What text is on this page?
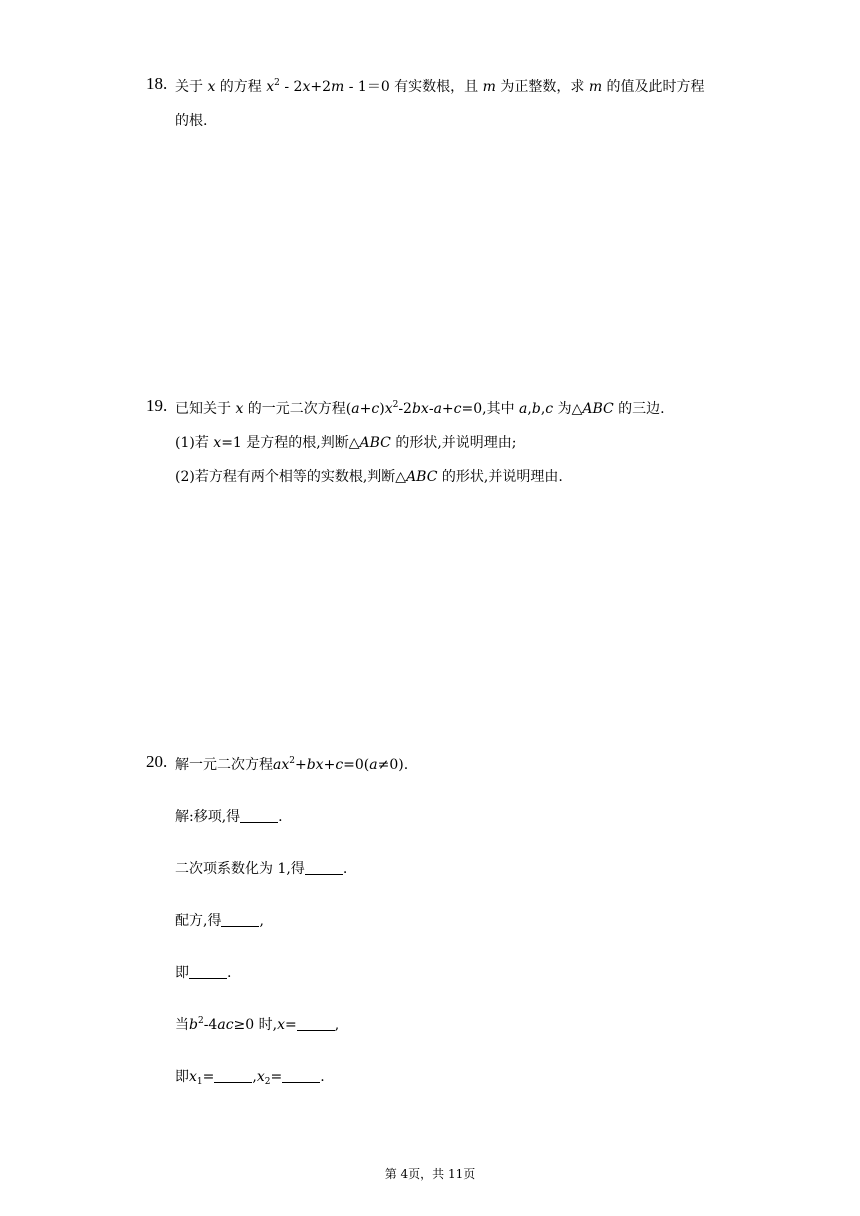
18. 关于 x 的方程 $x^2$ ‑ 2x+2m ‑ 1＝0 有实数根，且 m 为正整数，求 m 的值及此时方程
的根.
19. 已知关于 x 的一元二次方程$(a+c)x^2-2bx-a+c=0$,其中 a,b,c 为△ABC 的三边.
(1)若 x=1 是方程的根,判断△ABC 的形状,并说明理由;
(2)若方程有两个相等的实数根,判断△ABC 的形状,并说明理由.
20. 解一元二次方程$ax^2+bx+c=0(a\ne 0)$.
解:移项,得	.
二次项系数化为 1,得	.
配方,得	,
即	.
当$b^2-4ac\ge 0$ 时,x=	,
即$x_1=$	$,x_2=$	.
第 4页，共 11页
